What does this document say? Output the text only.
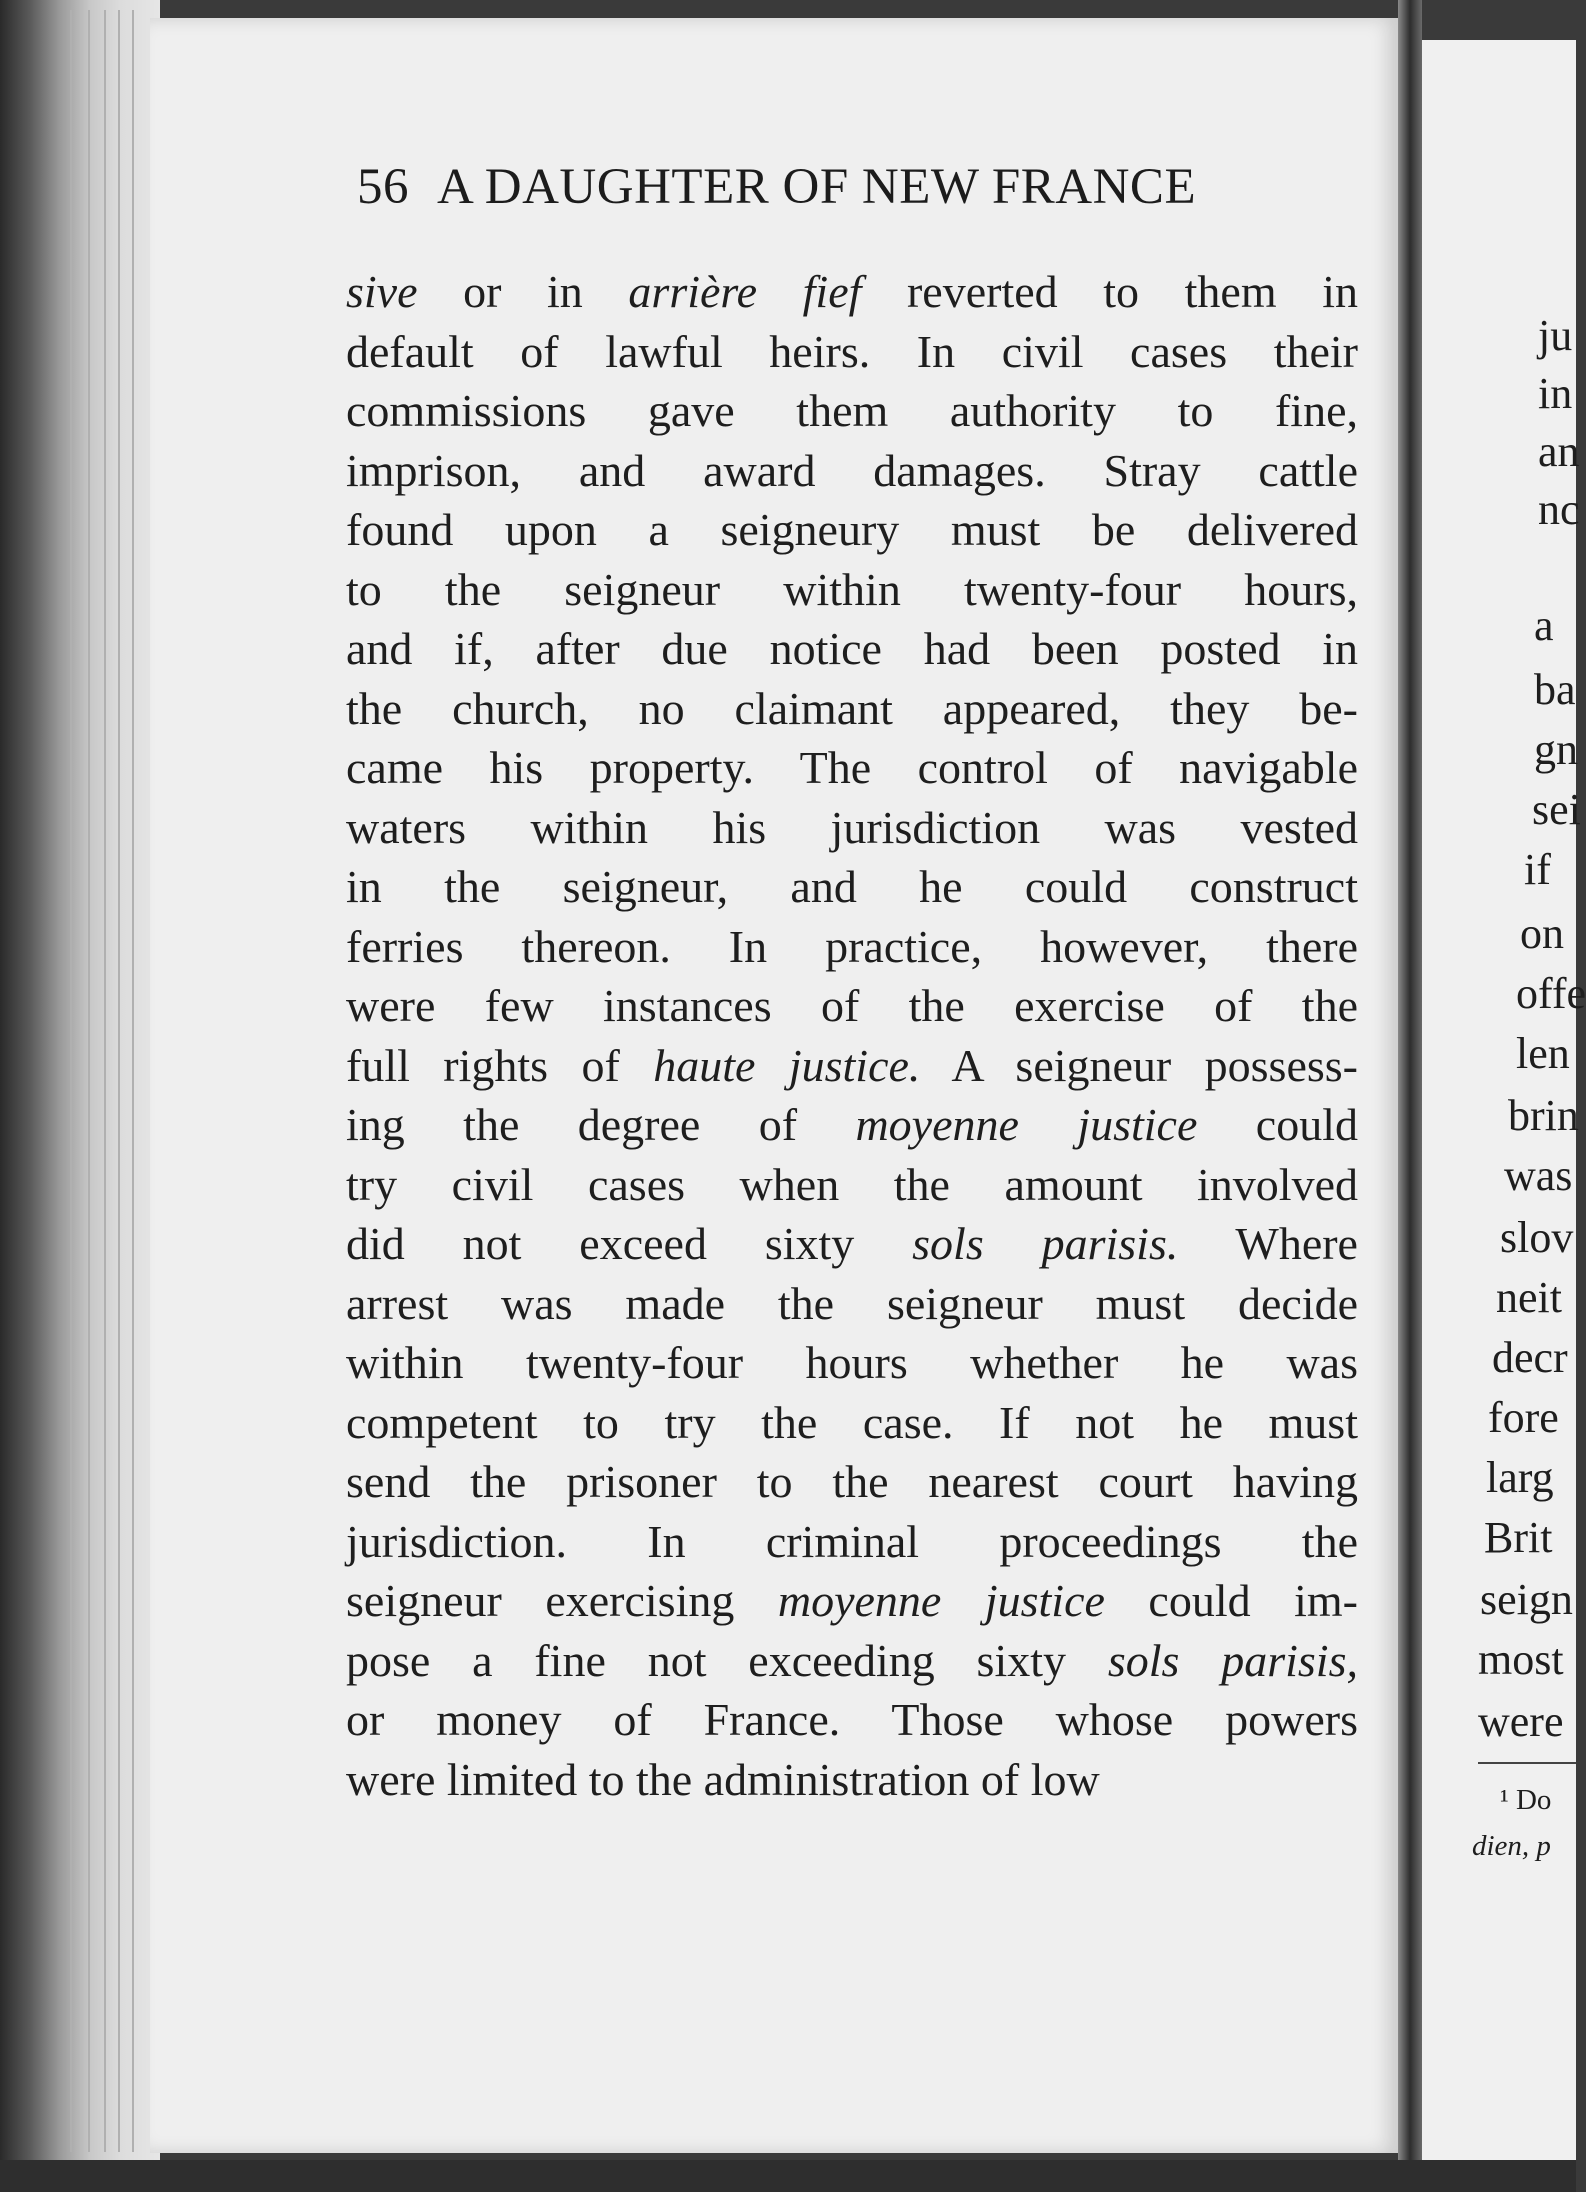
56 A DAUGHTER OF NEW FRANCE
sive or in arrière fief reverted to them in
default of lawful heirs. In civil cases their
commissions gave them authority to fine,
imprison, and award damages. Stray cattle
found upon a seigneury must be delivered
to the seigneur within twenty-four hours,
and if, after due notice had been posted in
the church, no claimant appeared, they be-
came his property. The control of navigable
waters within his jurisdiction was vested
in the seigneur, and he could construct
ferries thereon. In practice, however, there
were few instances of the exercise of the
full rights of haute justice. A seigneur possess-
ing the degree of moyenne justice could
try civil cases when the amount involved
did not exceed sixty sols parisis. Where
arrest was made the seigneur must decide
within twenty-four hours whether he was
competent to try the case. If not he must
send the prisoner to the nearest court having
jurisdiction. In criminal proceedings the
seigneur exercising moyenne justice could im-
pose a fine not exceeding sixty sols parisis,
or money of France. Those whose powers
were limited to the administration of low
ju
in
an
nc
a
ba
gn
sei
if
on
offe
len
brin
was
slov
neit
decr
fore
larg
Brit
seign
most
were
¹ Do
dien, p
